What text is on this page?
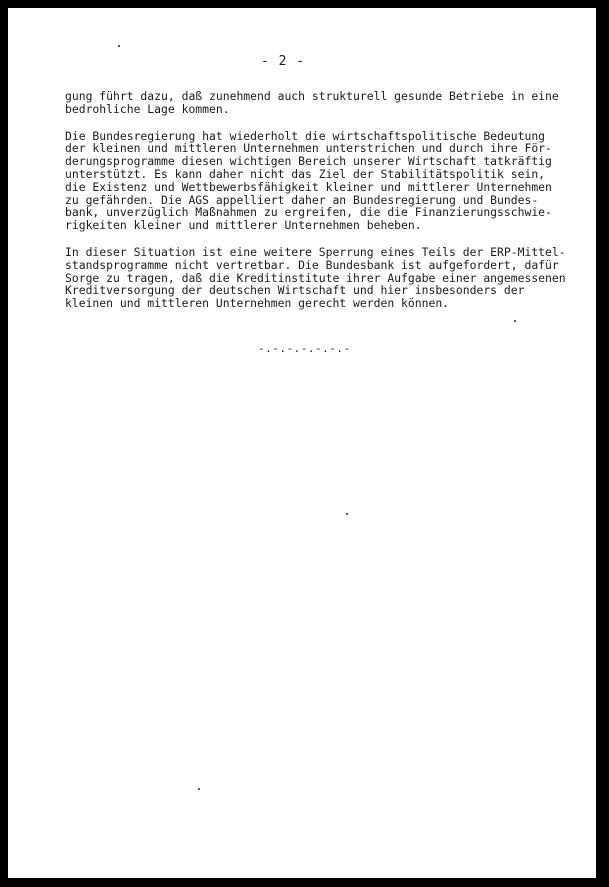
- 2 -
gung führt dazu, daß zunehmend auch strukturell gesunde Betriebe in eine
bedrohliche Lage kommen.
Die Bundesregierung hat wiederholt die wirtschaftspolitische Bedeutung
der kleinen und mittleren Unternehmen unterstrichen und durch ihre För-
derungsprogramme diesen wichtigen Bereich unserer Wirtschaft tatkräftig
unterstützt. Es kann daher nicht das Ziel der Stabilitätspolitik sein,
die Existenz und Wettbewerbsfähigkeit kleiner und mittlerer Unternehmen
zu gefährden. Die AGS appelliert daher an Bundesregierung und Bundes-
bank, unverzüglich Maßnahmen zu ergreifen, die die Finanzierungsschwie-
rigkeiten kleiner und mittlerer Unternehmen beheben.
In dieser Situation ist eine weitere Sperrung eines Teils der ERP-Mittel-
standsprogramme nicht vertretbar. Die Bundesbank ist aufgefordert, dafür
Sorge zu tragen, daß die Kreditinstitute ihrer Aufgabe einer angemessenen
Kreditversorgung der deutschen Wirtschaft und hier insbesonders der
kleinen und mittleren Unternehmen gerecht werden können.
-.-.-.-.-.-.-
